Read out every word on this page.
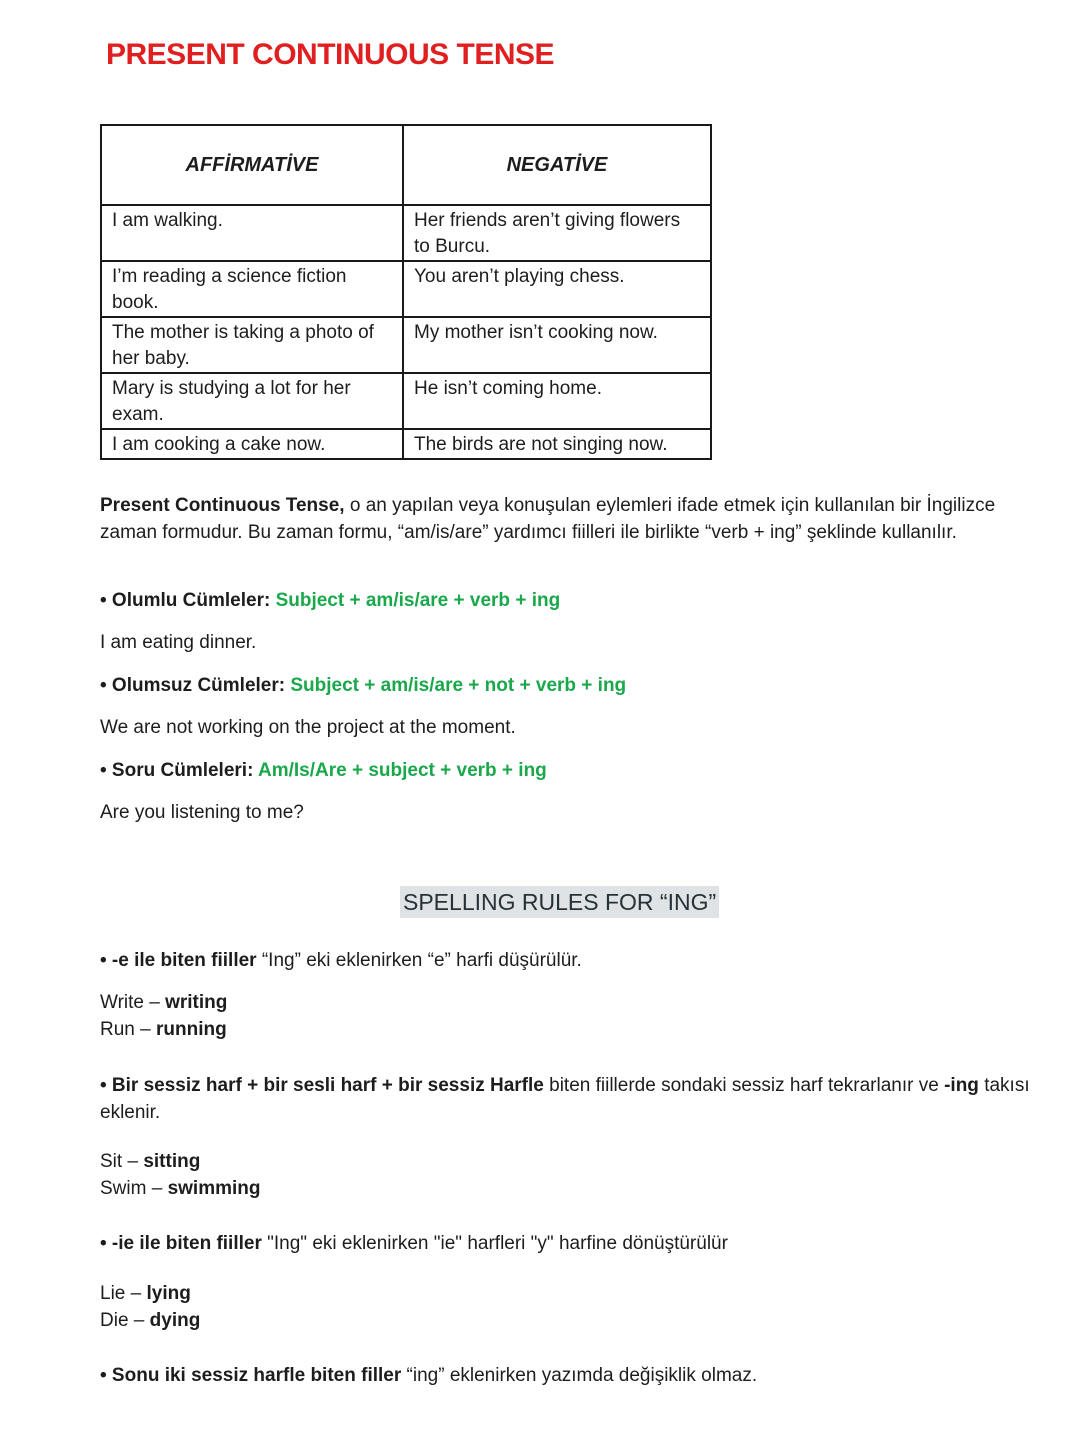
PRESENT CONTINUOUS TENSE
AFFİRMATİVE	NEGATİVE
I am walking.	Her friends aren’t giving flowers to Burcu.
I’m reading a science fiction book.	You aren’t playing chess.
The mother is taking a photo of her baby.	My mother isn’t cooking now.
Mary is studying a lot for her exam.	He isn’t coming home.
I am cooking a cake now.	The birds are not singing now.

Present Continuous Tense, o an yapılan veya konuşulan eylemleri ifade etmek için kullanılan bir İngilizce zaman formudur. Bu zaman formu, “am/is/are” yardımcı fiilleri ile birlikte “verb + ing” şeklinde kullanılır.

• Olumlu Cümleler: Subject + am/is/are + verb + ing

I am eating dinner.

• Olumsuz Cümleler: Subject + am/is/are + not + verb + ing

We are not working on the project at the moment.

• Soru Cümleleri: Am/Is/Are + subject + verb + ing

Are you listening to me?

SPELLING RULES FOR “ING”

• -e ile biten fiiller “Ing” eki eklenirken “e” harfi düşürülür.

Write – writing

Run – running

• Bir sessiz harf + bir sesli harf + bir sessiz Harfle biten fiillerde sondaki sessiz harf tekrarlanır ve -ing takısı eklenir.

Sit – sitting

Swim – swimming

• -ie ile biten fiiller "Ing" eki eklenirken "ie" harfleri "y" harfine dönüştürülür

Lie – lying

Die – dying

• Sonu iki sessiz harfle biten filler “ing” eklenirken yazımda değişiklik olmaz.
